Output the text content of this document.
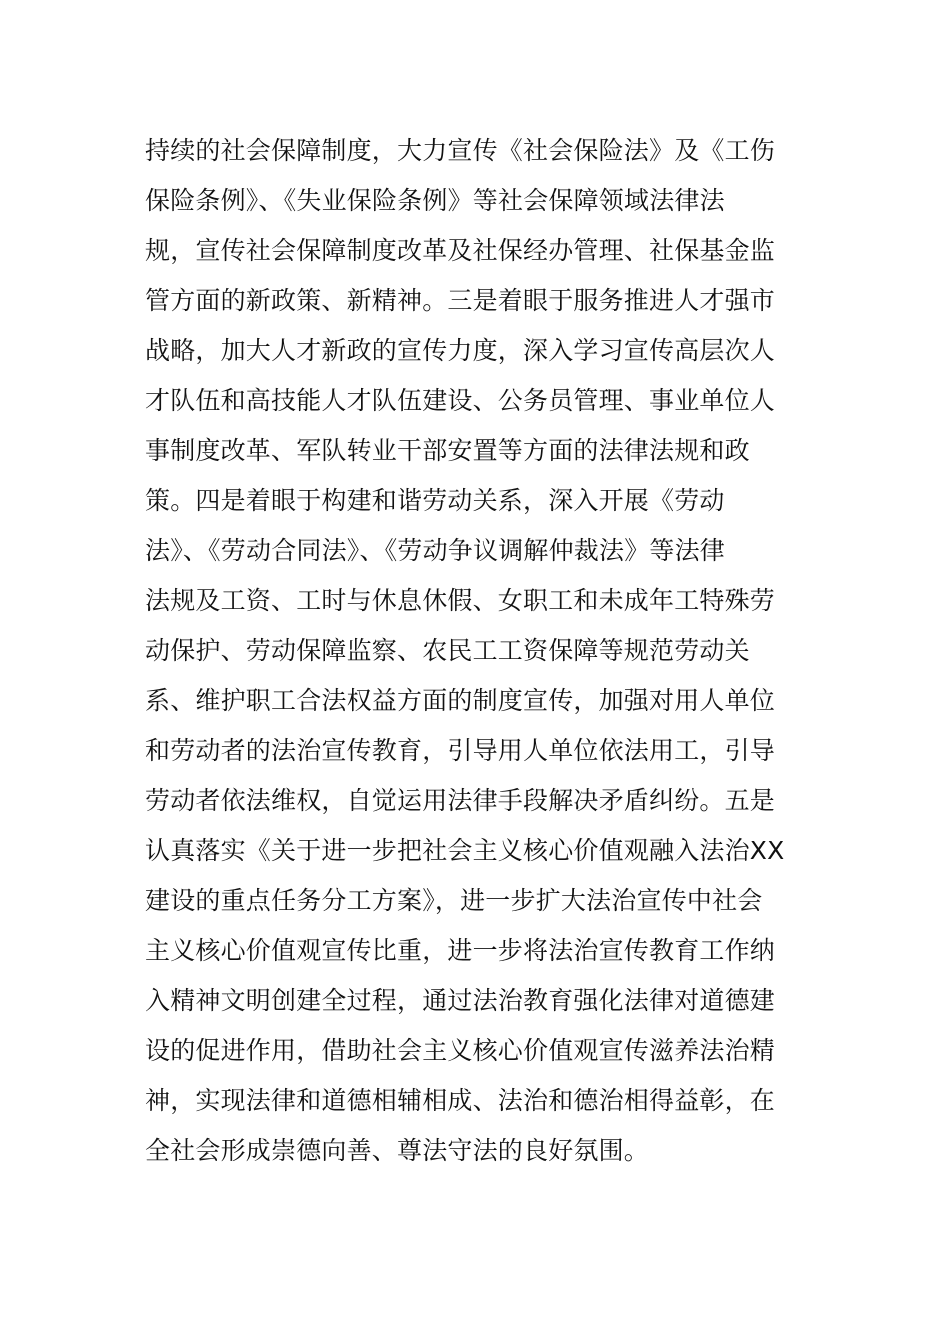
持续的社会保障制度，大力宣传《社会保险法》及《工伤
保险条例》、《失业保险条例》等社会保障领域法律法
规，宣传社会保障制度改革及社保经办管理、社保基金监
管方面的新政策、新精神。三是着眼于服务推进人才强市
战略，加大人才新政的宣传力度，深入学习宣传高层次人
才队伍和高技能人才队伍建设、公务员管理、事业单位人
事制度改革、军队转业干部安置等方面的法律法规和政
策。四是着眼于构建和谐劳动关系，深入开展《劳动
法》、《劳动合同法》、《劳动争议调解仲裁法》等法律
法规及工资、工时与休息休假、女职工和未成年工特殊劳
动保护、劳动保障监察、农民工工资保障等规范劳动关
系、维护职工合法权益方面的制度宣传，加强对用人单位
和劳动者的法治宣传教育，引导用人单位依法用工，引导
劳动者依法维权，自觉运用法律手段解决矛盾纠纷。五是
认真落实《关于进一步把社会主义核心价值观融入法治XX
建设的重点任务分工方案》，进一步扩大法治宣传中社会
主义核心价值观宣传比重，进一步将法治宣传教育工作纳
入精神文明创建全过程，通过法治教育强化法律对道德建
设的促进作用，借助社会主义核心价值观宣传滋养法治精
神，实现法律和道德相辅相成、法治和德治相得益彰，在
全社会形成崇德向善、尊法守法的良好氛围。
